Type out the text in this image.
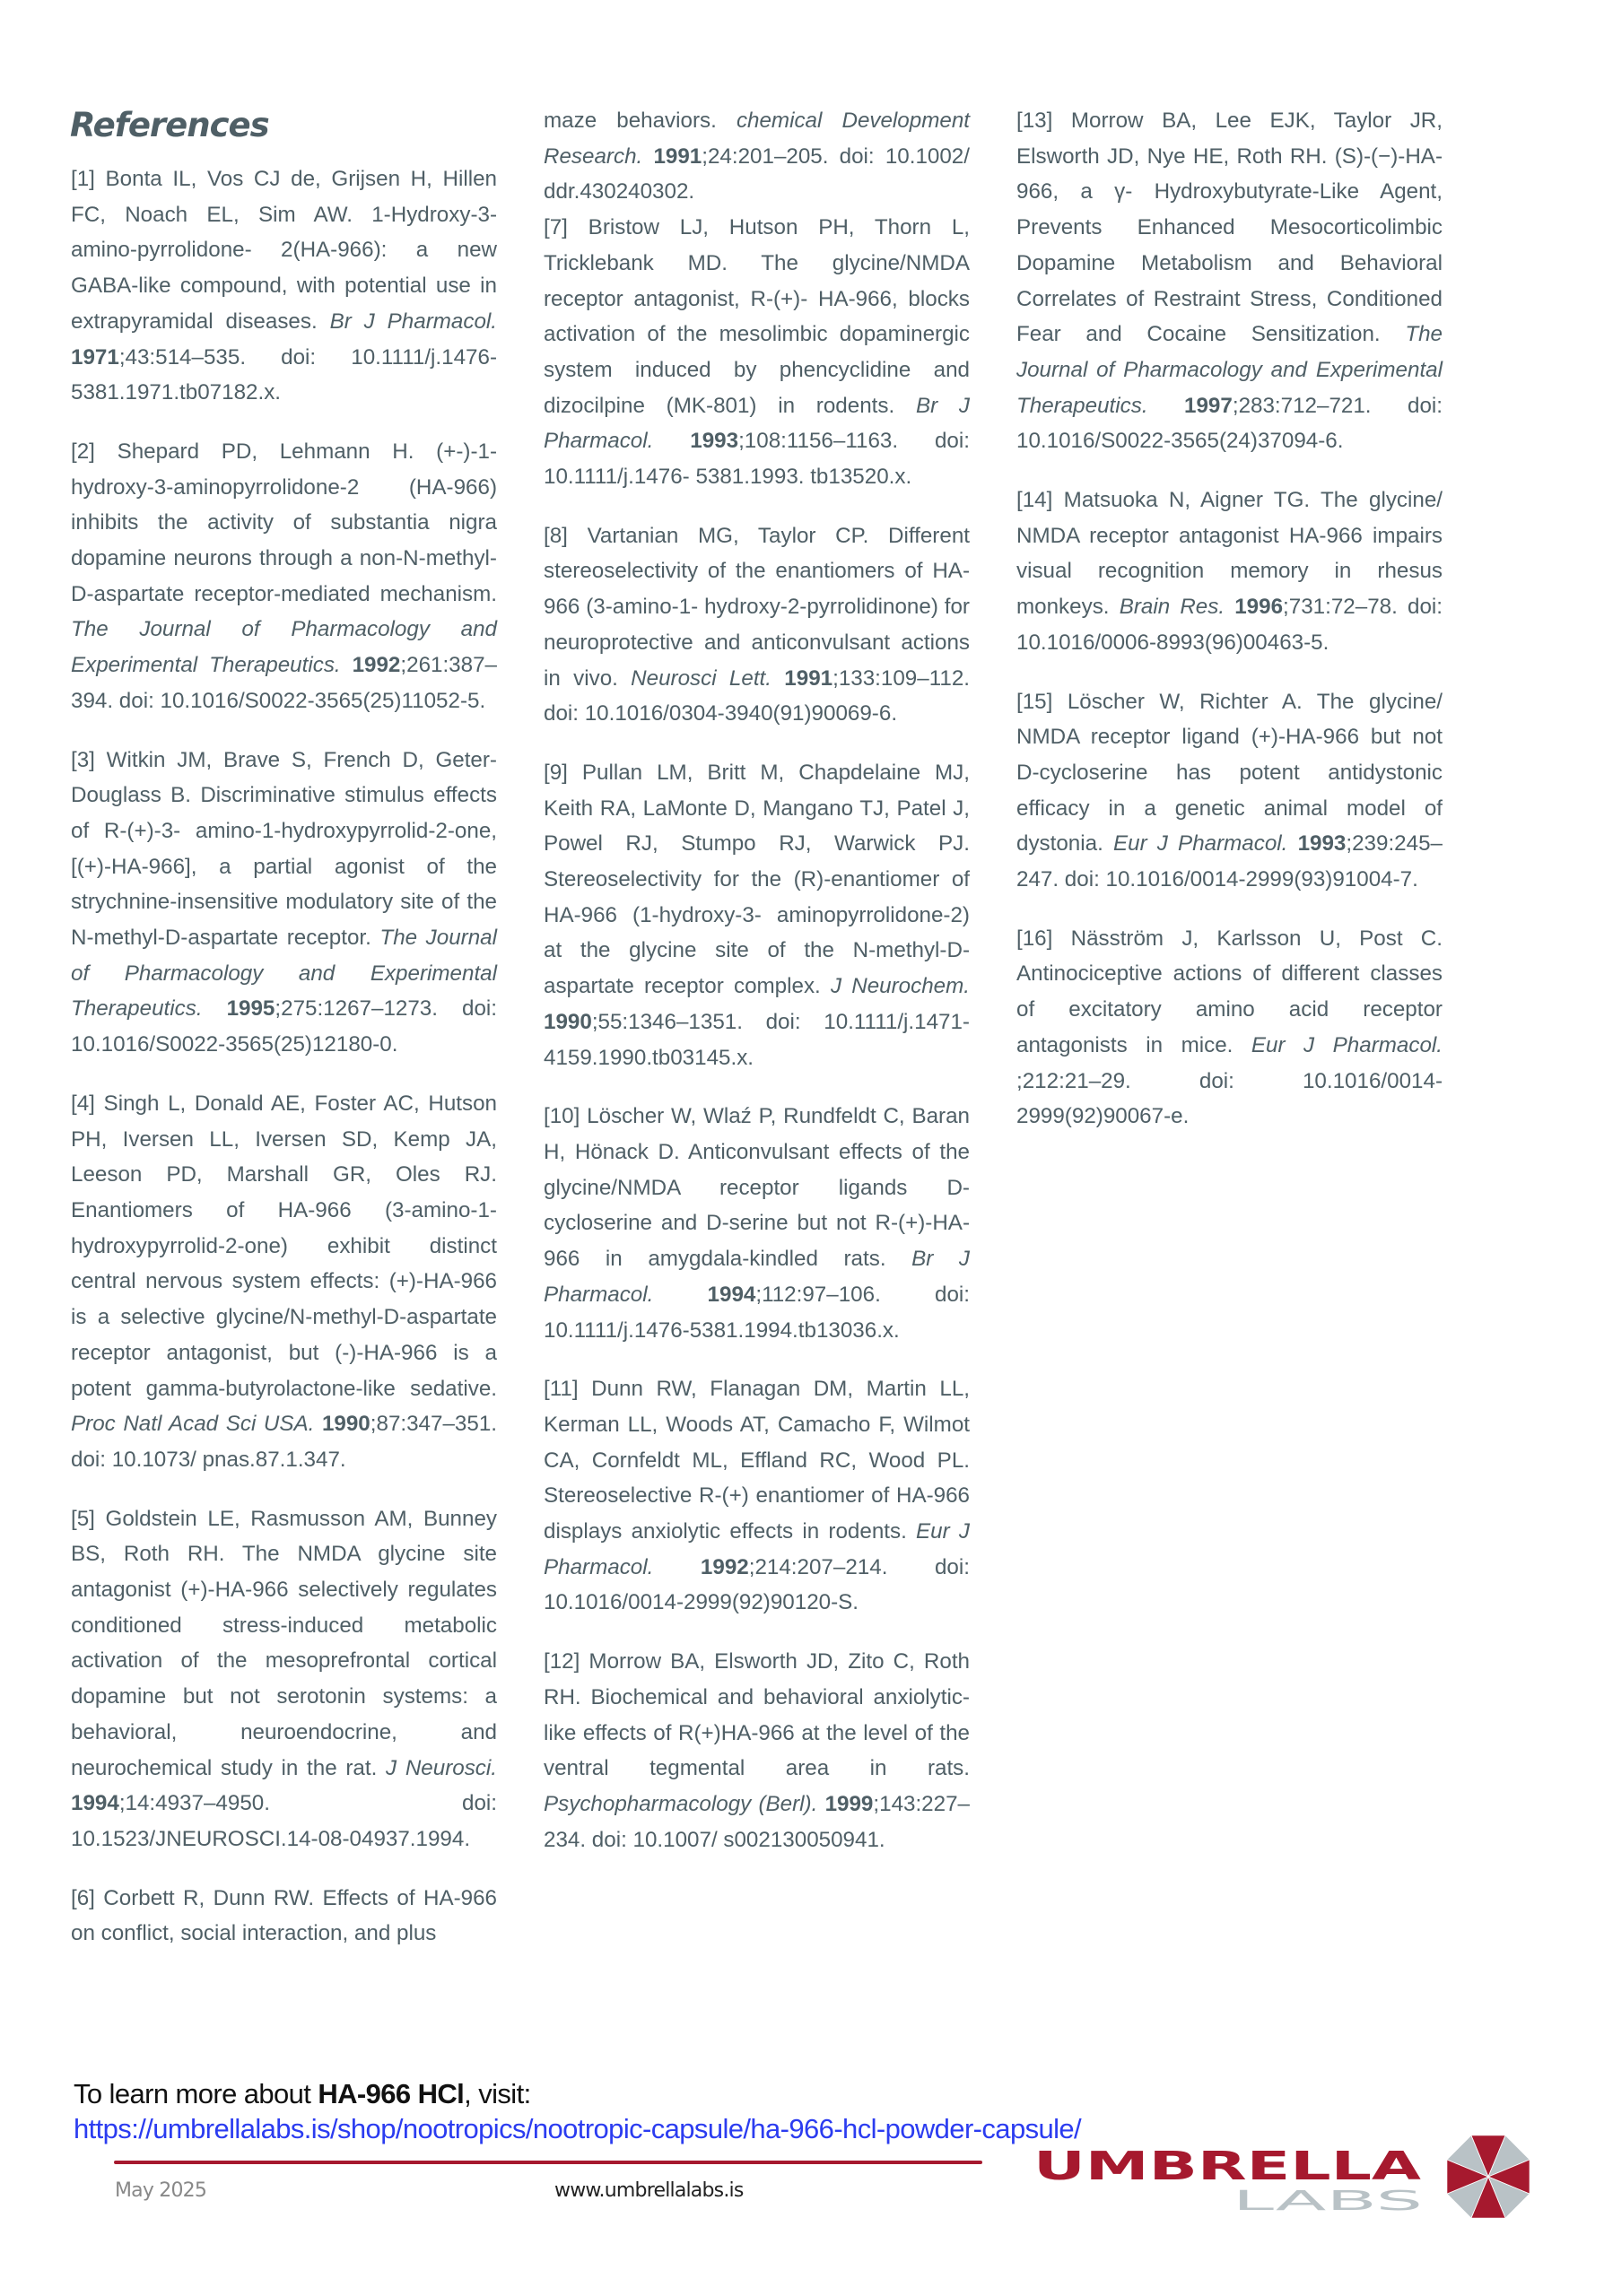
References

[1] Bonta IL, Vos CJ de, Grijsen H, Hillen FC, Noach EL, Sim AW. 1-Hydroxy-3-amino-pyrrolidone- 2(HA-966): a new GABA-like compound, with potential use in extrapyramidal diseases. Br J Pharmacol. 1971;43:514–535. doi: 10.1111/j.1476-5381.1971.tb07182.x.

[2] Shepard PD, Lehmann H. (+-)-1-hydroxy-3-aminopyrrolidone-2 (HA-966) inhibits the activity of substantia nigra dopamine neurons through a non-N-methyl-D-aspartate receptor-mediated mechanism. The Journal of Pharmacology and Experimental Therapeutics. 1992;261:387–394. doi: 10.1016/S0022-3565(25)11052-5.

[3] Witkin JM, Brave S, French D, Geter-Douglass B. Discriminative stimulus effects of R-(+)-3- amino-1-hydroxypyrrolid-2-one, [(+)-HA-966], a partial agonist of the strychnine-insensitive modulatory site of the N-methyl-D-aspartate receptor. The Journal of Pharmacology and Experimental Therapeutics. 1995;275:1267–1273. doi: 10.1016/S0022-3565(25)12180-0.

[4] Singh L, Donald AE, Foster AC, Hutson PH, Iversen LL, Iversen SD, Kemp JA, Leeson PD, Marshall GR, Oles RJ. Enantiomers of HA-966 (3-amino-1-hydroxypyrrolid-2-one) exhibit distinct central nervous system effects: (+)-HA-966 is a selective glycine/N-methyl-D-aspartate receptor antagonist, but (-)-HA-966 is a potent gamma-butyrolactone-like sedative. Proc Natl Acad Sci USA. 1990;87:347–351. doi: 10.1073/ pnas.87.1.347.

[5] Goldstein LE, Rasmusson AM, Bunney BS, Roth RH. The NMDA glycine site antagonist (+)-HA-966 selectively regulates conditioned stress-induced metabolic activation of the mesoprefrontal cortical dopamine but not serotonin systems: a behavioral, neuroendocrine, and neurochemical study in the rat. J Neurosci. 1994;14:4937–4950. doi: 10.1523/JNEUROSCI.14-08-04937.1994.

[6] Corbett R, Dunn RW. Effects of HA-966 on conflict, social interaction, and plus

maze behaviors. chemical Development Research. 1991;24:201–205. doi: 10.1002/ ddr.430240302.

[7] Bristow LJ, Hutson PH, Thorn L, Tricklebank MD. The glycine/NMDA receptor antagonist, R-(+)- HA-966, blocks activation of the mesolimbic dopaminergic system induced by phencyclidine and dizocilpine (MK-801) in rodents. Br J Pharmacol. 1993;108:1156–1163. doi: 10.1111/j.1476- 5381.1993. tb13520.x.

[8] Vartanian MG, Taylor CP. Different stereoselectivity of the enantiomers of HA-966 (3-amino-1- hydroxy-2-pyrrolidinone) for neuroprotective and anticonvulsant actions in vivo. Neurosci Lett. 1991;133:109–112. doi: 10.1016/0304-3940(91)90069-6.

[9] Pullan LM, Britt M, Chapdelaine MJ, Keith RA, LaMonte D, Mangano TJ, Patel J, Powel RJ, Stumpo RJ, Warwick PJ. Stereoselectivity for the (R)-enantiomer of HA-966 (1-hydroxy-3- aminopyrrolidone-2) at the glycine site of the N-methyl-D-aspartate receptor complex. J Neurochem. 1990;55:1346–1351. doi: 10.1111/j.1471-4159.1990.tb03145.x.

[10] Löscher W, Wlaź P, Rundfeldt C, Baran H, Hönack D. Anticonvulsant effects of the glycine/NMDA receptor ligands D-cycloserine and D-serine but not R-(+)-HA-966 in amygdala-kindled rats. Br J Pharmacol. 1994;112:97–106. doi: 10.1111/j.1476-5381.1994.tb13036.x.

[11] Dunn RW, Flanagan DM, Martin LL, Kerman LL, Woods AT, Camacho F, Wilmot CA, Cornfeldt ML, Effland RC, Wood PL. Stereoselective R-(+) enantiomer of HA-966 displays anxiolytic effects in rodents. Eur J Pharmacol. 1992;214:207–214. doi: 10.1016/0014-2999(92)90120-S.

[12] Morrow BA, Elsworth JD, Zito C, Roth RH. Biochemical and behavioral anxiolytic-like effects of R(+)HA-966 at the level of the ventral tegmental area in rats. Psychopharmacology (Berl). 1999;143:227–234. doi: 10.1007/ s002130050941.

[13] Morrow BA, Lee EJK, Taylor JR, Elsworth JD, Nye HE, Roth RH. (S)-(−)-HA-966, a γ- Hydroxybutyrate-Like Agent, Prevents Enhanced Mesocorticolimbic Dopamine Metabolism and Behavioral Correlates of Restraint Stress, Conditioned Fear and Cocaine Sensitization. The Journal of Pharmacology and Experimental Therapeutics. 1997;283:712–721. doi: 10.1016/S0022-3565(24)37094-6.

[14] Matsuoka N, Aigner TG. The glycine/ NMDA receptor antagonist HA-966 impairs visual recognition memory in rhesus monkeys. Brain Res. 1996;731:72–78. doi: 10.1016/0006-8993(96)00463-5.

[15] Löscher W, Richter A. The glycine/ NMDA receptor ligand (+)-HA-966 but not D-cycloserine has potent antidystonic efficacy in a genetic animal model of dystonia. Eur J Pharmacol. 1993;239:245–247. doi: 10.1016/0014-2999(93)91004-7.

[16] Näsström J, Karlsson U, Post C. Antinociceptive actions of different classes of excitatory amino acid receptor antagonists in mice. Eur J Pharmacol. ;212:21–29. doi: 10.1016/0014-2999(92)90067-e.

To learn more about HA-966 HCl, visit:
https://umbrellalabs.is/shop/nootropics/nootropic-capsule/ha-966-hcl-powder-capsule/
May 2025	www.umbrellalabs.is
UMBRELLA
LABS
